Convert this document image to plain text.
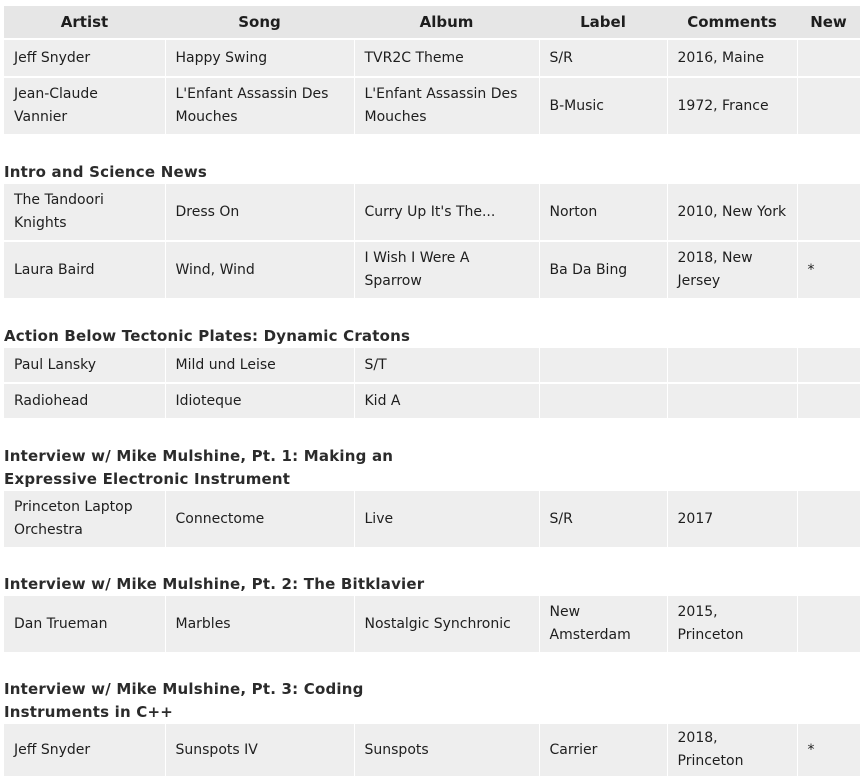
Artist	Song	Album	Label	Comments	New
Jeff Snyder	Happy Swing	TVR2C Theme	S/R	2016, Maine	
Jean-Claude Vannier	L'Enfant Assassin Des Mouches	L'Enfant Assassin Des Mouches	B-Music	1972, France	
Intro and Science News
The Tandoori Knights	Dress On	Curry Up It's The...	Norton	2010, New York	
Laura Baird	Wind, Wind	I Wish I Were A Sparrow	Ba Da Bing	2018, New Jersey	*
Action Below Tectonic Plates: Dynamic Cratons
Paul Lansky	Mild und Leise	S/T			
Radiohead	Idioteque	Kid A			
Interview w/ Mike Mulshine, Pt. 1: Making an
Expressive Electronic Instrument
Princeton Laptop Orchestra	Connectome	Live	S/R	2017	
Interview w/ Mike Mulshine, Pt. 2: The Bitklavier
Dan Trueman	Marbles	Nostalgic Synchronic	New Amsterdam	2015, Princeton	
Interview w/ Mike Mulshine, Pt. 3: Coding
Instruments in C++
Jeff Snyder	Sunspots IV	Sunspots	Carrier	2018, Princeton	*
